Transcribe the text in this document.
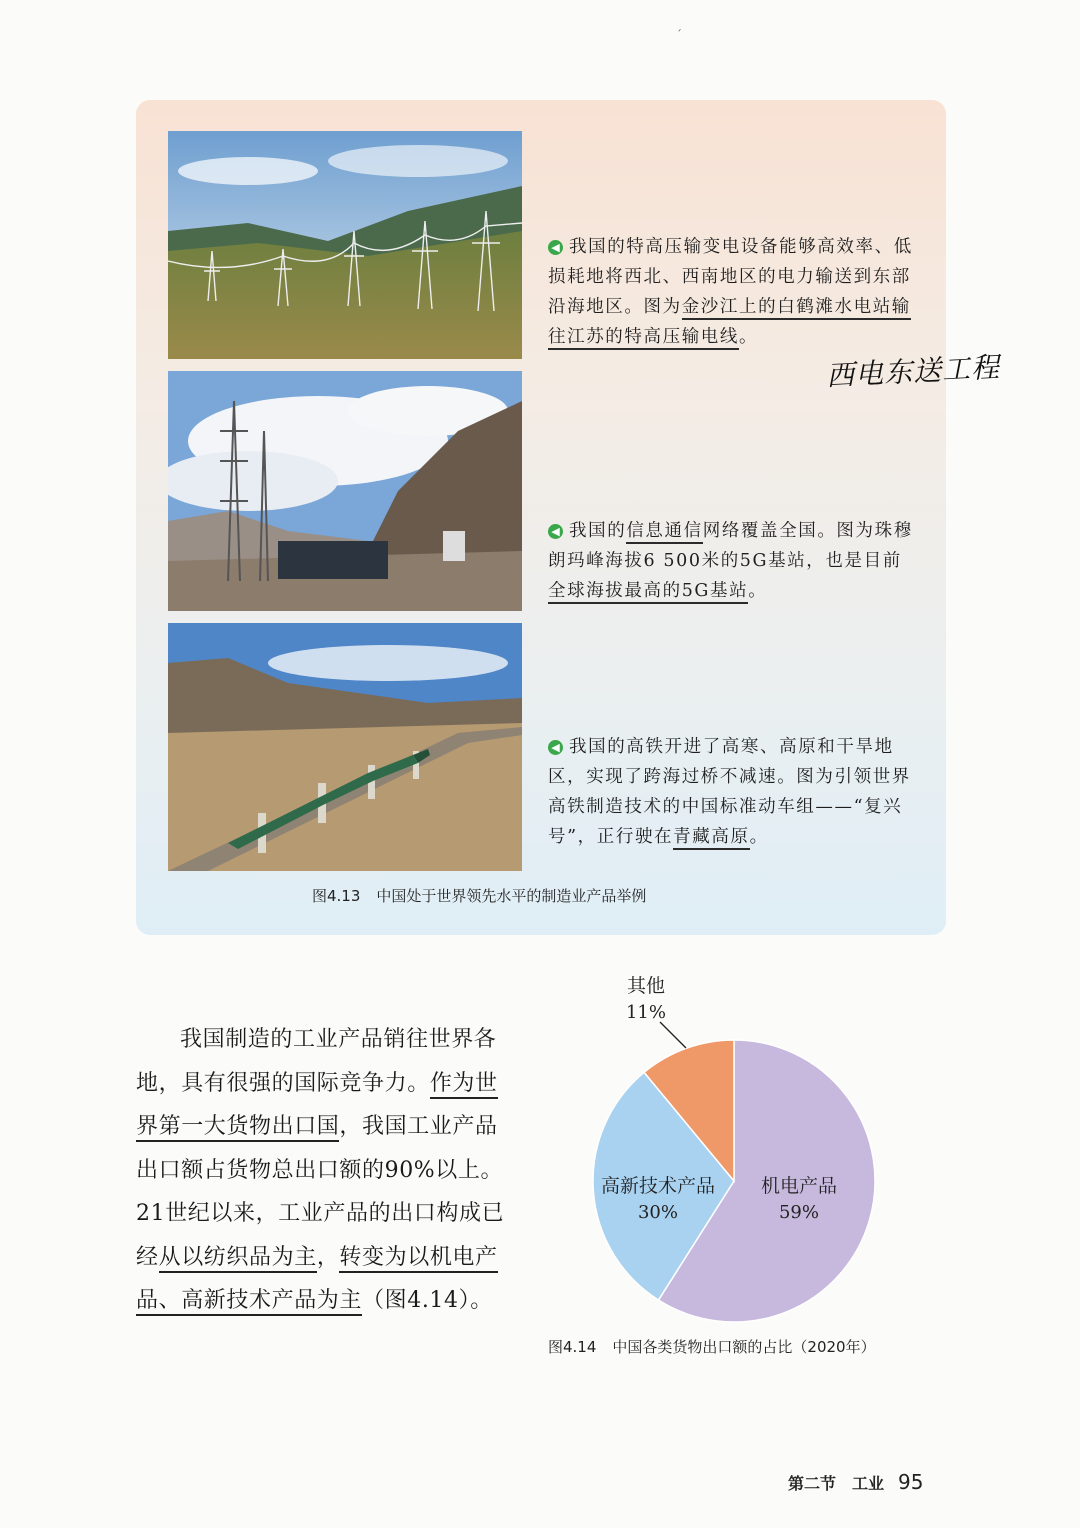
ˊ
◀ 我国的特高压输变电设备能够高效率、低损耗地将西北、西南地区的电力输送到东部沿海地区。图为金沙江上的白鹤滩水电站输往江苏的特高压输电线。
西电东送工程
◀ 我国的信息通信网络覆盖全国。图为珠穆朗玛峰海拔6 500米的5G基站，也是目前全球海拔最高的5G基站。
◀ 我国的高铁开进了高寒、高原和干旱地区，实现了跨海过桥不减速。图为引领世界高铁制造技术的中国标准动车组——“复兴号”，正行驶在青藏高原。
图4.13 中国处于世界领先水平的制造业产品举例
我国制造的工业产品销往世界各地，具有很强的国际竞争力。作为世界第一大货物出口国，我国工业产品出口额占货物总出口额的90%以上。21世纪以来，工业产品的出口构成已经从以纺织品为主，转变为以机电产品、高新技术产品为主（图4.14）。
其他
11%
高新技术产品
30%
机电产品
59%
图4.14 中国各类货物出口额的占比（2020年）
第二节　工业 95
